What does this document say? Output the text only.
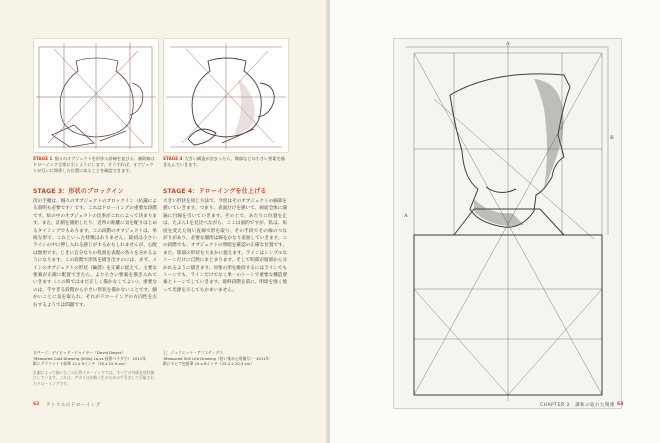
STAGE 1 個々のオブジェクトを形作る斜線を並びる。補助線はドローイング全体に引くようにします。そうすれば、オブジェクトが互いに関係した位置にあることを確認できます。
STAGE 4 大きい構造が決まったら、陶器などの小さい要素を描き込んでいきます。
STAGE 3：形状のブロックイン
次の手順は、個々のオブジェクトのブロックイン（抗議による説明も必要です）です。これはドローイングの重要な段階です。絵の中のオブジェクトの比率がこれによって決まります。また、計測を開始したり、近所の距離に気を配りはじめるタイミングでもあります。この段階のオブジェクトは、単純な形で、これといった特徴はありません。最初は小さいラインの中に押し入れる感じがするかもしれませんが、心配は無用です。じきに自分なりの処置を表現の各々を分かるようになります。この段階で形状を描き出すのには、まず、メインのオブジェクトの形状（輪郭）を正確に捉えて、主要な要素が正確に配置できたら、より小さい要素を描き入れていきます（この時ではまだ正しく描かなくてよい）。重要なのは、芋すぎる段階から小さい形状を描かないことです。細かいことに気を取られ、それがドローイングの方向性を左右するようでは問題です。
STAGE 4：ドローイングを仕上げる
大きい形状を同じ方法で、今度はそのオブジェクトの細部を描いていきます。つまり、表面だけを描いて、画面全体に満遍に目線を引いていきます。その上で、あたりに位置を止は、たぶん1を見比べながら、ここは面的ですが、私は、角度を変えた短い直線で形を取り、その手段でその線のつながりがあり、必要な個所は線をかなり追加していきます。この段階でも、オブジェクトの明暗を確認の正確な位置です。また、暗部の形状を大まかに捉えます。ラインはシンプルなトーンだけに自然にまとまります。そして明部が暗部から分かれるように描きます。対象の形を維持するにはラインでもトーンでも、ラインだけでなく単一のトーンで重要な構造要素とトーンでしていきます。最終段階を前に、明暗を強く使って光源を示してもかまいません。
右ページ：デイビッド・ドゥイヤー（David Dwyer）
'Measured Cast Drawing (Stills) Lo-vs 技術ベラダで） 2011年
紙にグラファイト鉛筆 12 x 9インチ（30 x 22.9 cm）
計測によって描いたこの石膏ドローイングでは、すべての外面を形状線にしています。これは、アカリは比較人生のための手引きして可能されたドローイングです。
上：ジュリエット・アリスティデス
'Measured Still Life Drawing（拾い集め心用描写）' 2011年
紙にセピア色鉛筆 10 x 8インチ（25.4 x 20.3 cm）
62 アトリエのドローイング
A
A
B
CHAPTER 2：調和の取れた関係 63
